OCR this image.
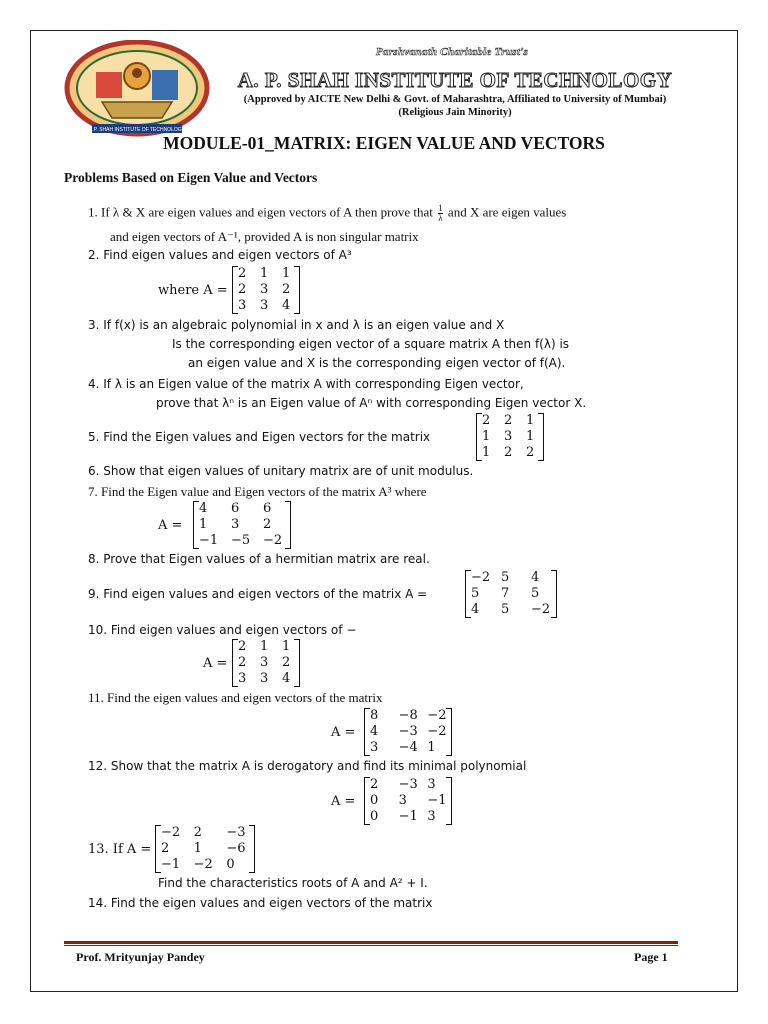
A.P. SHAH INSTITUTE OF TECHNOLOGY
Parshvanath Charitable Trust's
A. P. SHAH INSTITUTE OF TECHNOLOGY
(Approved by AICTE New Delhi & Govt. of Maharashtra, Affiliated to University of Mumbai)
(Religious Jain Minority)
MODULE-01_MATRIX: EIGEN VALUE AND VECTORS
Problems Based on Eigen Value and Vectors
1. If λ & X are eigen values and eigen vectors of A then prove that $\frac{1}{\lambda}$ and X are eigen values
and eigen vectors of A⁻¹, provided A is non singular matrix
2. Find eigen values and eigen vectors of A³
where A =
2	1	1
2	3	2
3	3	4
3. If f(x) is an algebraic polynomial in x and λ is an eigen value and X
Is the corresponding eigen vector of a square matrix A then f(λ) is
an eigen value and X is the corresponding eigen vector of f(A).
4. If λ is an Eigen value of the matrix A with corresponding Eigen vector,
prove that λⁿ is an Eigen value of Aⁿ with corresponding Eigen vector X.
5. Find the Eigen values and Eigen vectors for the matrix
2	2	1
1	3	1
1	2	2
6. Show that eigen values of unitary matrix are of unit modulus.
7. Find the Eigen value and Eigen vectors of the matrix A³ where
A =
4	6	6
1	3	2
−1 −5 −2
8. Prove that Eigen values of a hermitian matrix are real.
9. Find eigen values and eigen vectors of the matrix A =
−2 5	4
5	7	5
4	5	−2
10. Find eigen values and eigen vectors of −
A =
2	1	1
2	3	2
3	3	4
11. Find the eigen values and eigen vectors of the matrix
A =
8	−8 −2
4	−3 −2
3	−4 1
12. Show that the matrix A is derogatory and find its minimal polynomial
A =
2	−3 3
0	3	−1
0	−1 3
13. If A =
−2	2	−3
2	1	−6
−1	−2	0
Find the characteristics roots of A and A² + I.
14. Find the eigen values and eigen vectors of the matrix
Prof. Mrityunjay Pandey	Page 1
